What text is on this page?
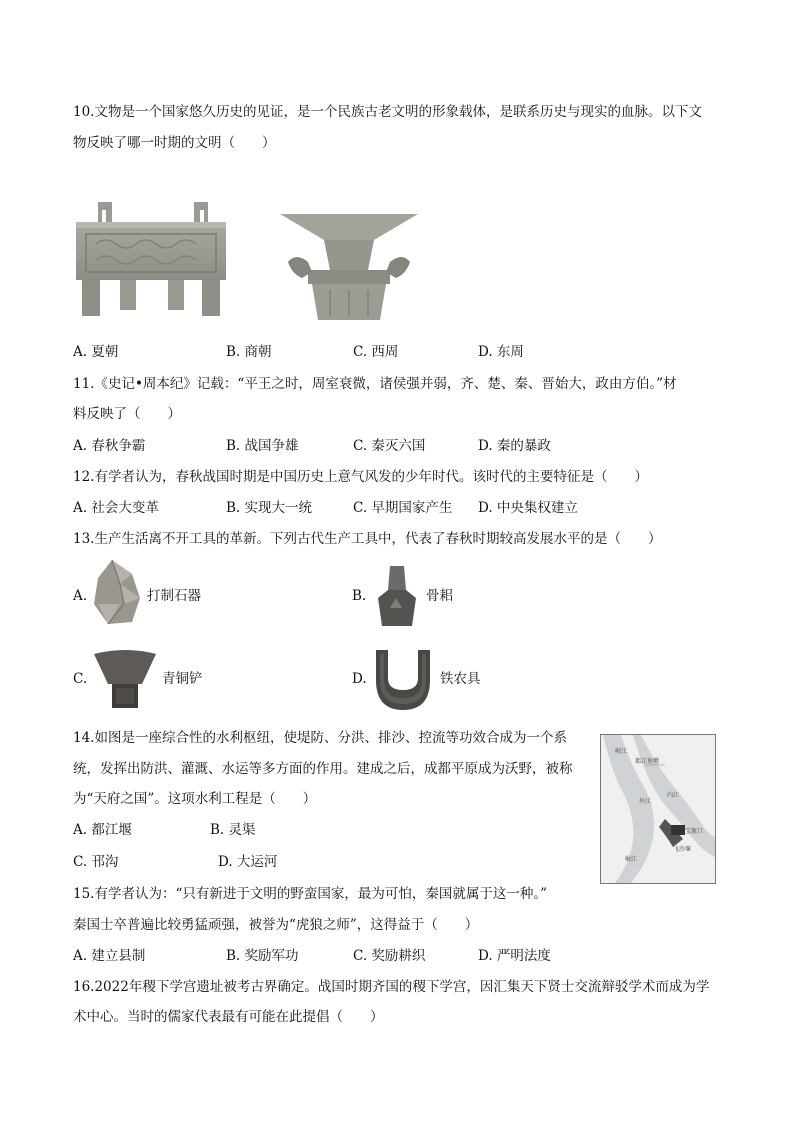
10.文物是一个国家悠久历史的见证，是一个民族古老文明的形象载体，是联系历史与现实的血脉。以下文
物反映了哪一时期的文明（　　）
A. 夏朝	B. 商朝	C. 西周	D. 东周
11.《史记•周本纪》记载：“平王之时，周室衰微，诸侯强并弱，齐、楚、秦、晋始大，政由方伯。”材
料反映了（　　）
A. 春秋争霸	B. 战国争雄	C. 秦灭六国	D. 秦的暴政
12.有学者认为，春秋战国时期是中国历史上意气风发的少年时代。该时代的主要特征是（　　）
A. 社会大变革	B. 实现大一统	C. 早期国家产生 D. 中央集权建立
13.生产生活离不开工具的革新。下列古代生产工具中，代表了春秋时期较高发展水平的是（　　）
A.	打制石器	B.	骨耜
C.	青铜铲	D.	铁农具
14.如图是一座综合性的水利枢纽，使堤防、分洪、排沙、控流等功效合成为一个系
统，发挥出防洪、灌溉、水运等多方面的作用。建成之后，成都平原成为沃野，被称
为“天府之国”。这项水利工程是（　　）
A. 都江堰	B. 灵渠
C. 邗沟	D. 大运河
岷江
都江鱼嘴
外江
内江
宝瓶口
飞沙堰
岷江
15.有学者认为：“只有新进于文明的野蛮国家，最为可怕，秦国就属于这一种。”
秦国士卒普遍比较勇猛顽强，被誉为“虎狼之师”，这得益于（　　）
A. 建立县制	B. 奖励军功	C. 奖励耕织	D. 严明法度
16.2022年稷下学宫遗址被考古界确定。战国时期齐国的稷下学宫，因汇集天下贤士交流辩驳学术而成为学
术中心。当时的儒家代表最有可能在此提倡（　　）
